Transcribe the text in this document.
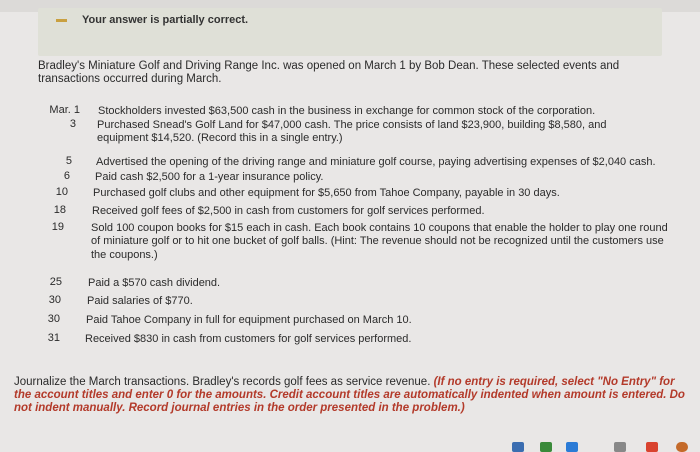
Your answer is partially correct.
Bradley's Miniature Golf and Driving Range Inc. was opened on March 1 by Bob Dean. These selected events and transactions occurred during March.
Mar. 1 Stockholders invested $63,500 cash in the business in exchange for common stock of the corporation.
3 Purchased Snead's Golf Land for $47,000 cash. The price consists of land $23,900, building $8,580, and equipment $14,520. (Record this in a single entry.)
5 Advertised the opening of the driving range and miniature golf course, paying advertising expenses of $2,040 cash.
6 Paid cash $2,500 for a 1-year insurance policy.
10 Purchased golf clubs and other equipment for $5,650 from Tahoe Company, payable in 30 days.
18 Received golf fees of $2,500 in cash from customers for golf services performed.
19 Sold 100 coupon books for $15 each in cash. Each book contains 10 coupons that enable the holder to play one round of miniature golf or to hit one bucket of golf balls. (Hint: The revenue should not be recognized until the customers use the coupons.)
25 Paid a $570 cash dividend.
30 Paid salaries of $770.
30 Paid Tahoe Company in full for equipment purchased on March 10.
31 Received $830 in cash from customers for golf services performed.
Journalize the March transactions. Bradley's records golf fees as service revenue. (If no entry is required, select "No Entry" for the account titles and enter 0 for the amounts. Credit account titles are automatically indented when amount is entered. Do not indent manually. Record journal entries in the order presented in the problem.)
